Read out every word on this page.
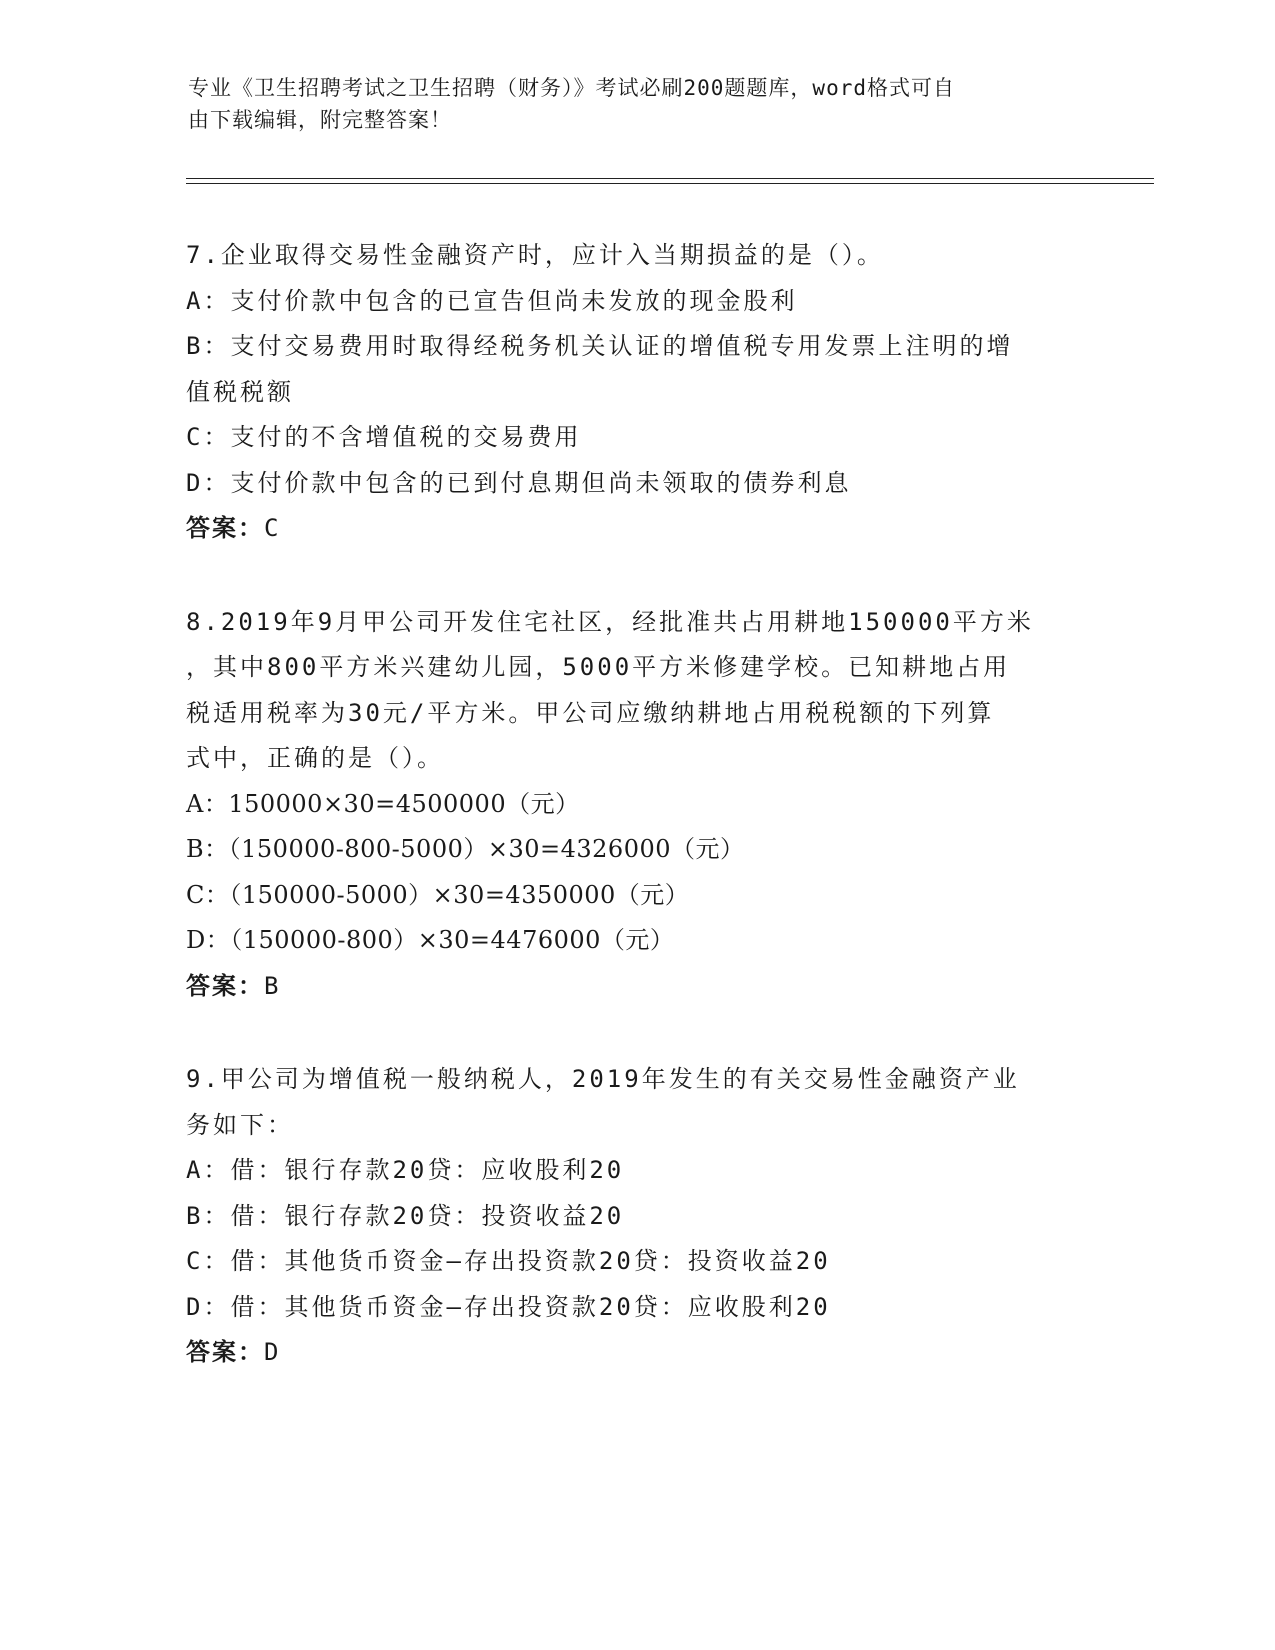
专业《卫生招聘考试之卫生招聘（财务）》考试必刷200题题库，word格式可自
由下载编辑，附完整答案！
7.企业取得交易性金融资产时，应计入当期损益的是（）。
A：支付价款中包含的已宣告但尚未发放的现金股利
B：支付交易费用时取得经税务机关认证的增值税专用发票上注明的增
值税税额
C：支付的不含增值税的交易费用
D：支付价款中包含的已到付息期但尚未领取的债券利息
答案：C
8.2019年9月甲公司开发住宅社区，经批准共占用耕地150000平方米
，其中800平方米兴建幼儿园，5000平方米修建学校。已知耕地占用
税适用税率为30元/平方米。甲公司应缴纳耕地占用税税额的下列算
式中，正确的是（）。
A：150000×30=4500000（元）
B：（150000-800-5000）×30=4326000（元）
C：（150000-5000）×30=4350000（元）
D：（150000-800）×30=4476000（元）
答案：B
9.甲公司为增值税一般纳税人，2019年发生的有关交易性金融资产业
务如下：
A：借：银行存款20贷：应收股利20
B：借：银行存款20贷：投资收益20
C：借：其他货币资金—存出投资款20贷：投资收益20
D：借：其他货币资金—存出投资款20贷：应收股利20
答案：D
